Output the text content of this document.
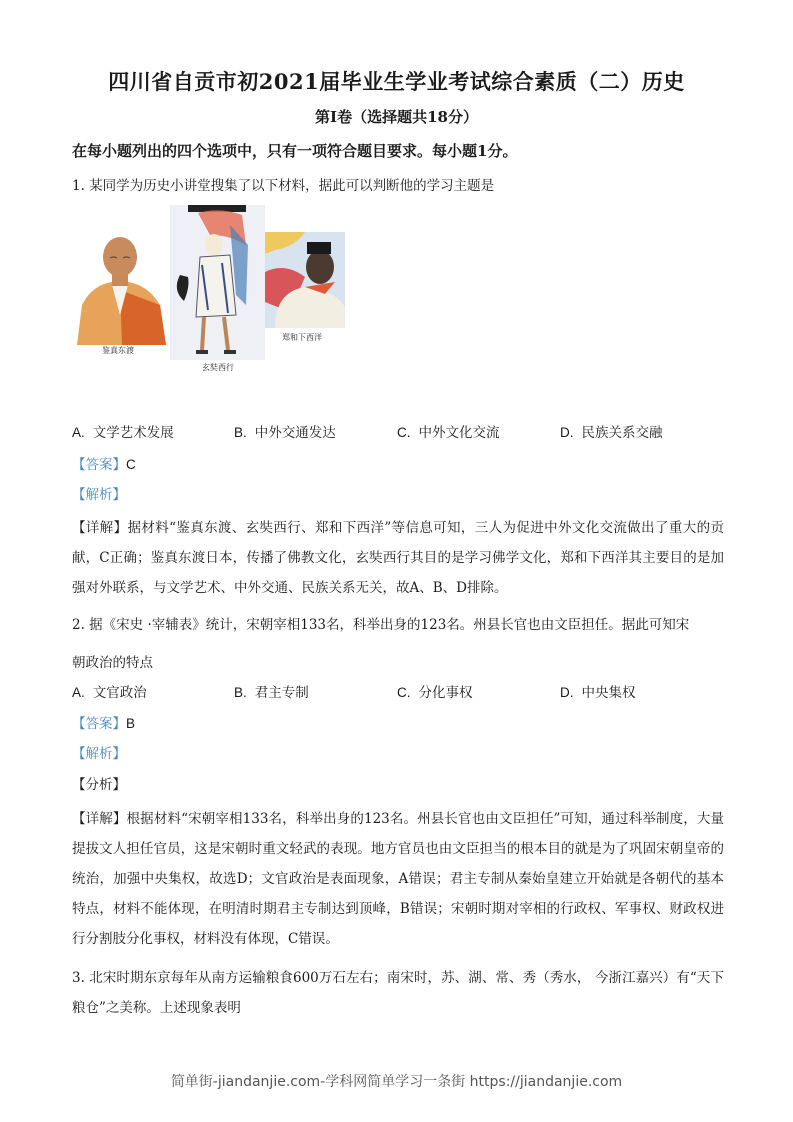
四川省自贡市初2021届毕业生学业考试综合素质（二）历史
第Ⅰ卷（选择题共18分）
在每小题列出的四个选项中，只有一项符合题目要求。每小题1分。
1. 某同学为历史小讲堂搜集了以下材料，据此可以判断他的学习主题是
鉴真东渡
玄奘西行
郑和下西洋
A. 文学艺术发展	B. 中外交通发达	C. 中外文化交流	D. 民族关系交融
【答案】C
【解析】
【详解】据材料“鉴真东渡、玄奘西行、郑和下西洋”等信息可知，三人为促进中外文化交流做出了重大的贡献，C正确；鉴真东渡日本，传播了佛教文化，玄奘西行其目的是学习佛学文化，郑和下西洋其主要目的是加强对外联系，与文学艺术、中外交通、民族关系无关，故A、B、D排除。
2. 据《宋史 ·宰辅表》统计，宋朝宰相133名，科举出身的123名。州县长官也由文臣担任。据此可知宋
朝政治的特点
A. 文官政治	B. 君主专制	C. 分化事权	D. 中央集权
【答案】B
【解析】
【分析】
【详解】根据材料“宋朝宰相133名，科举出身的123名。州县长官也由文臣担任”可知，通过科举制度，大量提拔文人担任官员，这是宋朝时重文轻武的表现。地方官员也由文臣担当的根本目的就是为了巩固宋朝皇帝的统治，加强中央集权，故选D；文官政治是表面现象，A错误；君主专制从秦始皇建立开始就是各朝代的基本特点，材料不能体现，在明清时期君主专制达到顶峰，B错误；宋朝时期对宰相的行政权、军事权、财政权进行分割肢分化事权，材料没有体现，C错误。
3. 北宋时期东京每年从南方运输粮食600万石左右；南宋时，苏、湖、常、秀（秀水， 今浙江嘉兴）有“天下粮仓”之美称。上述现象表明
简单街-jiandanjie.com-学科网简单学习一条街 https://jiandanjie.com
